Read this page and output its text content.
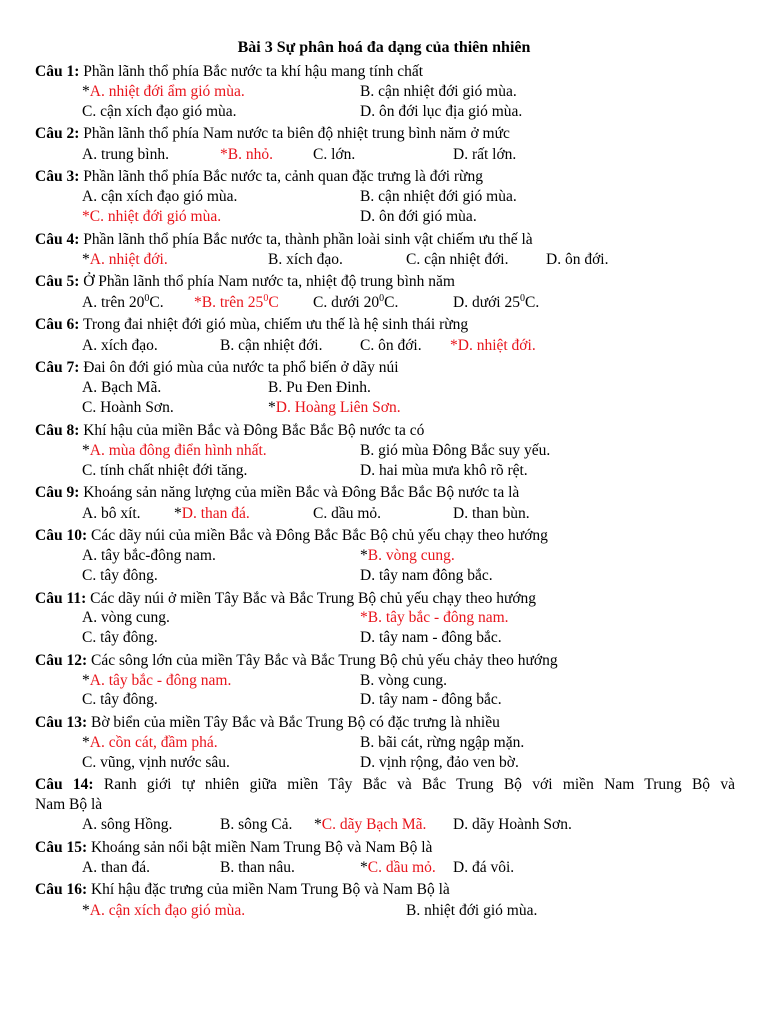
Bài 3 Sự phân hoá đa dạng của thiên nhiên
Câu 1: Phần lãnh thổ phía Bắc nước ta khí hậu mang tính chất
*A. nhiệt đới ẩm gió mùa.	B. cận nhiệt đới gió mùa.
C. cận xích đạo gió mùa.	D. ôn đới lục địa gió mùa.
Câu 2: Phần lãnh thổ phía Nam nước ta biên độ nhiệt trung bình năm ở mức
A. trung bình.	*B. nhỏ.	C. lớn.	D. rất lớn.
Câu 3: Phần lãnh thổ phía Bắc nước ta, cảnh quan đặc trưng là đới rừng
A. cận xích đạo gió mùa.	B. cận nhiệt đới gió mùa.
*C. nhiệt đới gió mùa.	D. ôn đới gió mùa.
Câu 4: Phần lãnh thổ phía Bắc nước ta, thành phần loài sinh vật chiếm ưu thế là
*A. nhiệt đới.	B. xích đạo.	C. cận nhiệt đới. D. ôn đới.
Câu 5: Ở Phần lãnh thổ phía Nam nước ta, nhiệt độ trung bình năm
A. trên $20^0C$. *B. trên $25^0C$ C. dưới $20^0C$.	D. dưới $25^0C$.
Câu 6: Trong đai nhiệt đới gió mùa, chiếm ưu thế là hệ sinh thái rừng
A. xích đạo.	B. cận nhiệt đới. C. ôn đới. *D. nhiệt đới.
Câu 7: Đai ôn đới gió mùa của nước ta phổ biến ở dãy núi
A. Bạch Mã.	B. Pu Đen Đinh.
C. Hoành Sơn.	*D. Hoàng Liên Sơn.
Câu 8: Khí hậu của miền Bắc và Đông Bắc Bắc Bộ nước ta có
*A. mùa đông điển hình nhất.	B. gió mùa Đông Bắc suy yếu.
C. tính chất nhiệt đới tăng.	D. hai mùa mưa khô rõ rệt.
Câu 9: Khoáng sản năng lượng của miền Bắc và Đông Bắc Bắc Bộ nước ta là
A. bô xít. *D. than đá.	C. dầu mỏ.	D. than bùn.
Câu 10: Các dãy núi của miền Bắc và Đông Bắc Bắc Bộ chủ yếu chạy theo hướng
A. tây bắc-đông nam.	*B. vòng cung.
C. tây đông.	D. tây nam đông bắc.
Câu 11: Các dãy núi ở miền Tây Bắc và Bắc Trung Bộ chủ yếu chạy theo hướng
A. vòng cung.	*B. tây bắc - đông nam.
C. tây đông.	D. tây nam - đông bắc.
Câu 12: Các sông lớn của miền Tây Bắc và Bắc Trung Bộ chủ yếu chảy theo hướng
*A. tây bắc - đông nam.	B. vòng cung.
C. tây đông.	D. tây nam - đông bắc.
Câu 13: Bờ biển của miền Tây Bắc và Bắc Trung Bộ có đặc trưng là nhiều
*A. cồn cát, đầm phá.	B. bãi cát, rừng ngập mặn.
C. vũng, vịnh nước sâu.	D. vịnh rộng, đảo ven bờ.
Câu 14: Ranh giới tự nhiên giữa miền Tây Bắc và Bắc Trung Bộ với miền Nam Trung Bộ và
Nam Bộ là
A. sông Hồng.	B. sông Cả. *C. dãy Bạch Mã. D. dãy Hoành Sơn.
Câu 15: Khoáng sản nổi bật miền Nam Trung Bộ và Nam Bộ là
A. than đá.	B. than nâu.	*C. dầu mỏ. D. đá vôi.
Câu 16: Khí hậu đặc trưng của miền Nam Trung Bộ và Nam Bộ là
*A. cận xích đạo gió mùa.	B. nhiệt đới gió mùa.
